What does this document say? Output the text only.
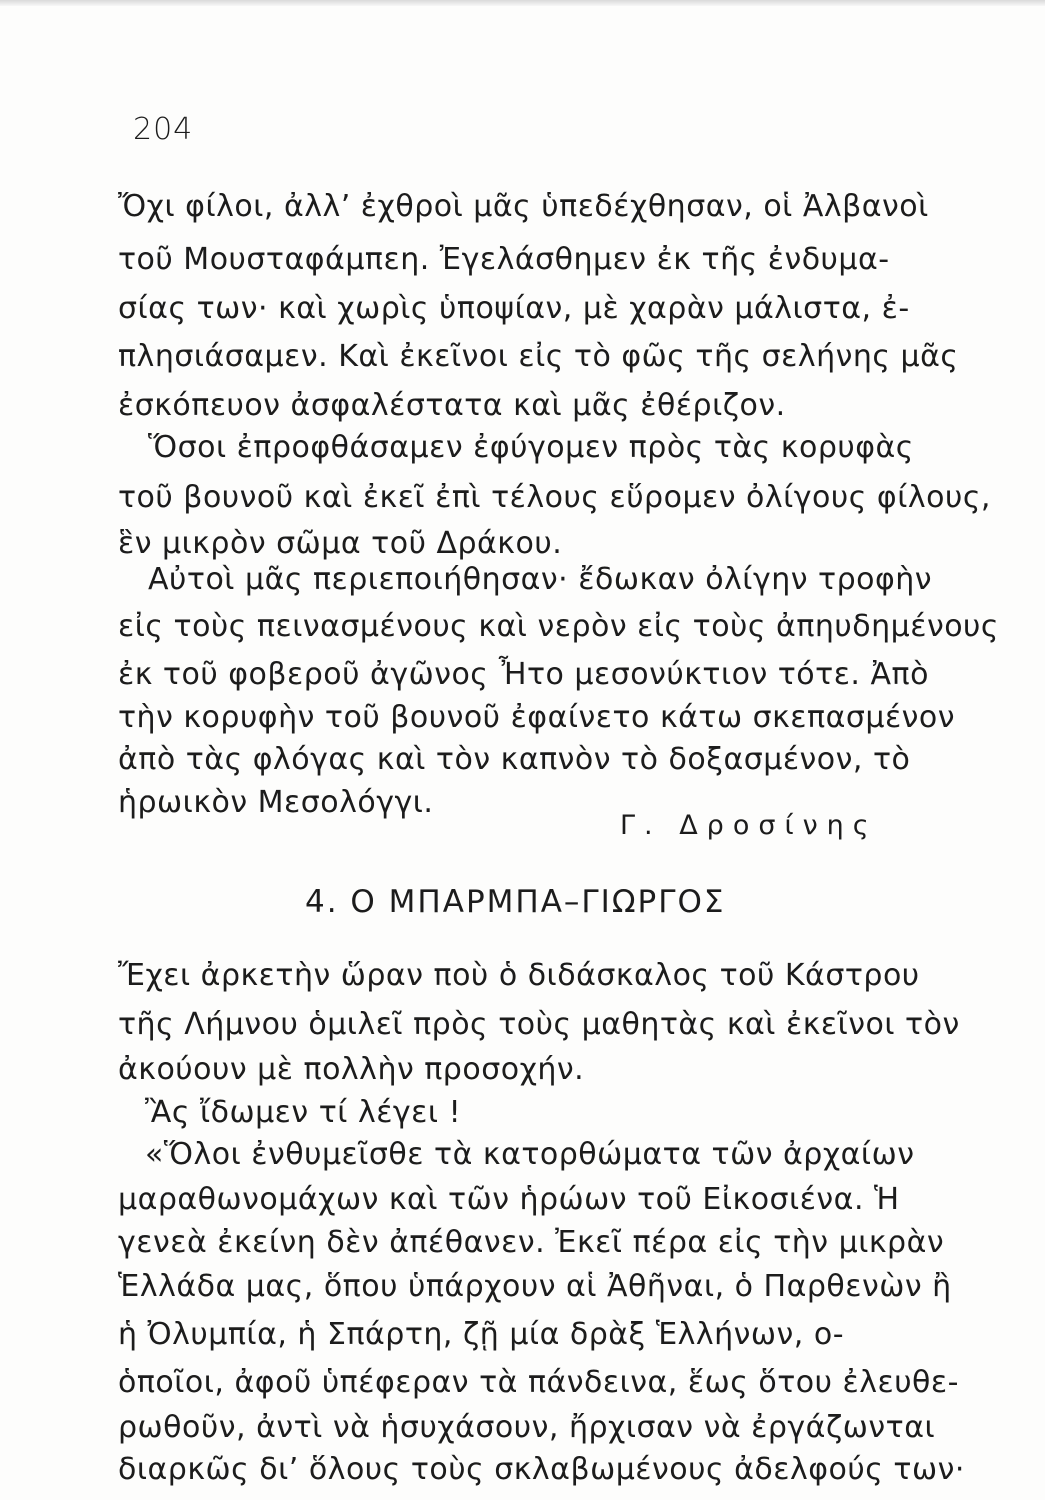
204
Ὄχι φίλοι, ἀλλ’ ἐχθροὶ μᾶς ὑπεδέχθησαν, οἱ Ἀλβανοὶ
τοῦ Μουσταφάμπεη. Ἐγελάσθημεν ἐκ τῆς ἐνδυμα-
σίας των· καὶ χωρὶς ὑποψίαν, μὲ χαρὰν μάλιστα, ἐ-
πλησιάσαμεν. Καὶ ἐκεῖνοι εἰς τὸ φῶς τῆς σελήνης μᾶς
ἐσκόπευον ἀσφαλέστατα καὶ μᾶς ἐθέριζον.
Ὅσοι ἐπροφθάσαμεν ἐφύγομεν πρὸς τὰς κορυφὰς
τοῦ βουνοῦ καὶ ἐκεῖ ἐπὶ τέλους εὕρομεν ὀλίγους φίλους,
ἓν μικρὸν σῶμα τοῦ Δράκου.
Αὐτοὶ μᾶς περιεποιήθησαν· ἔδωκαν ὀλίγην τροφὴν
εἰς τοὺς πεινασμένους καὶ νερὸν εἰς τοὺς ἀπηυδημένους
ἐκ τοῦ φοβεροῦ ἀγῶνος Ἦτο μεσονύκτιον τότε. Ἀπὸ
τὴν κορυφὴν τοῦ βουνοῦ ἐφαίνετο κάτω σκεπασμένον
ἀπὸ τὰς φλόγας καὶ τὸν καπνὸν τὸ δοξασμένον, τὸ
ἡρωικὸν Μεσολόγγι.
Γ. Δροσίνης
4. Ο ΜΠΑΡΜΠΑ–ΓΙΩΡΓΟΣ
Ἔχει ἀρκετὴν ὥραν ποὺ ὁ διδάσκαλος τοῦ Κάστρου
τῆς Λήμνου ὁμιλεῖ πρὸς τοὺς μαθητὰς καὶ ἐκεῖνοι τὸν
ἀκούουν μὲ πολλὴν προσοχήν.
Ἂς ἴδωμεν τί λέγει !
«Ὅλοι ἐνθυμεῖσθε τὰ κατορθώματα τῶν ἀρχαίων
μαραθωνομάχων καὶ τῶν ἡρώων τοῦ Εἰκοσιένα. Ἡ
γενεὰ ἐκείνη δὲν ἀπέθανεν. Ἐκεῖ πέρα εἰς τὴν μικρὰν
Ἑλλάδα μας, ὅπου ὑπάρχουν αἱ Ἀθῆναι, ὁ Παρθενὼν ἢ
ἡ Ὀλυμπία, ἡ Σπάρτη, ζῇ μία δρὰξ Ἑλλήνων, ο-
ὁποῖοι, ἀφοῦ ὑπέφεραν τὰ πάνδεινα, ἕως ὅτου ἐλευθε-
ρωθοῦν, ἀντὶ νὰ ἡσυχάσουν, ἤρχισαν νὰ ἐργάζωνται
διαρκῶς δι’ ὅλους τοὺς σκλαβωμένους ἀδελφούς των·
